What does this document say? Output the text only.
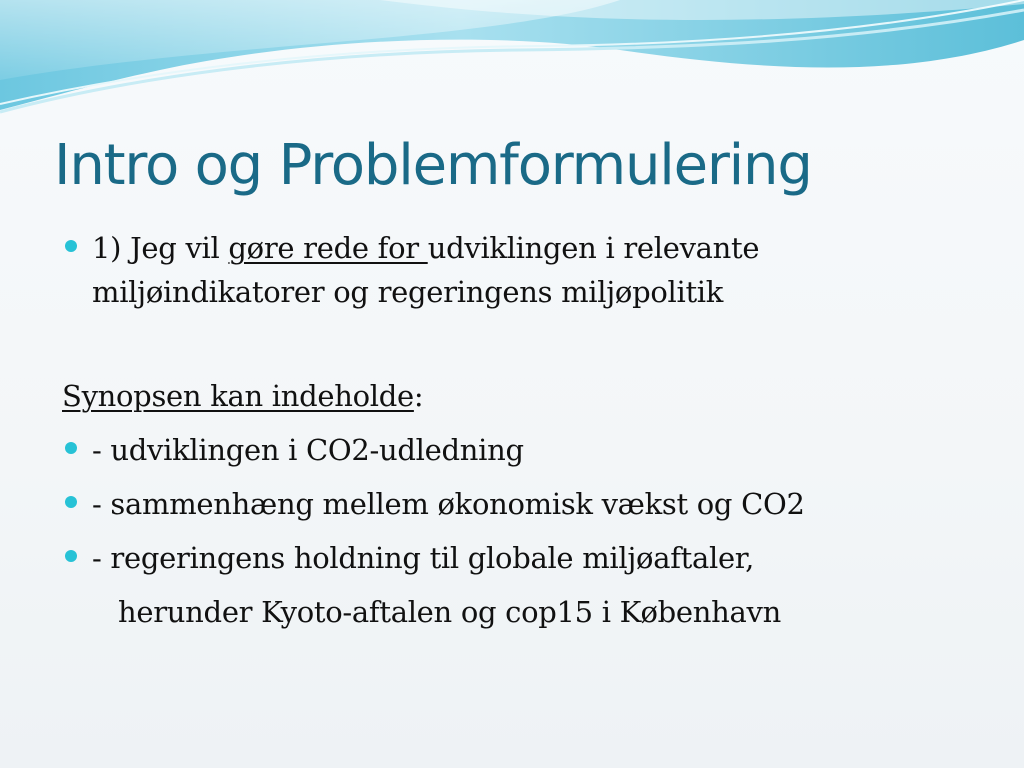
Intro og Problemformulering
1) Jeg vil gøre rede for udviklingen i relevante
miljøindikatorer og regeringens miljøpolitik
Synopsen kan indeholde:
- udviklingen i CO2-udledning
- sammenhæng mellem økonomisk vækst og CO2
- regeringens holdning til globale miljøaftaler,
herunder Kyoto-aftalen og cop15 i København
